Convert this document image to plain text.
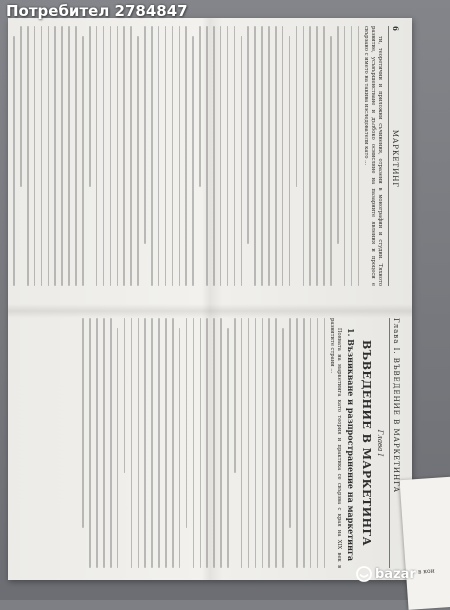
6
МАРКЕТИНГ

ти, теоретични и приложни съчинения, отразени в монографии и студии. Тяхното развитие, усъвършенстване и дълбоко осмисляне на пазарните явления и процеси е свързано с името на такива изследователи като ...

Глава I. ВЪВЕДЕНИЕ В МАРКЕТИНГА
Глава I
ВЪВЕДЕНИЕ В МАРКЕТИНГА
1. Възникване и разпространение на маркетинга

Появата на маркетинга като теория и практика се свързва с края на XIX век в развитите страни ...

в кои
Потребител 2784847
bazar
